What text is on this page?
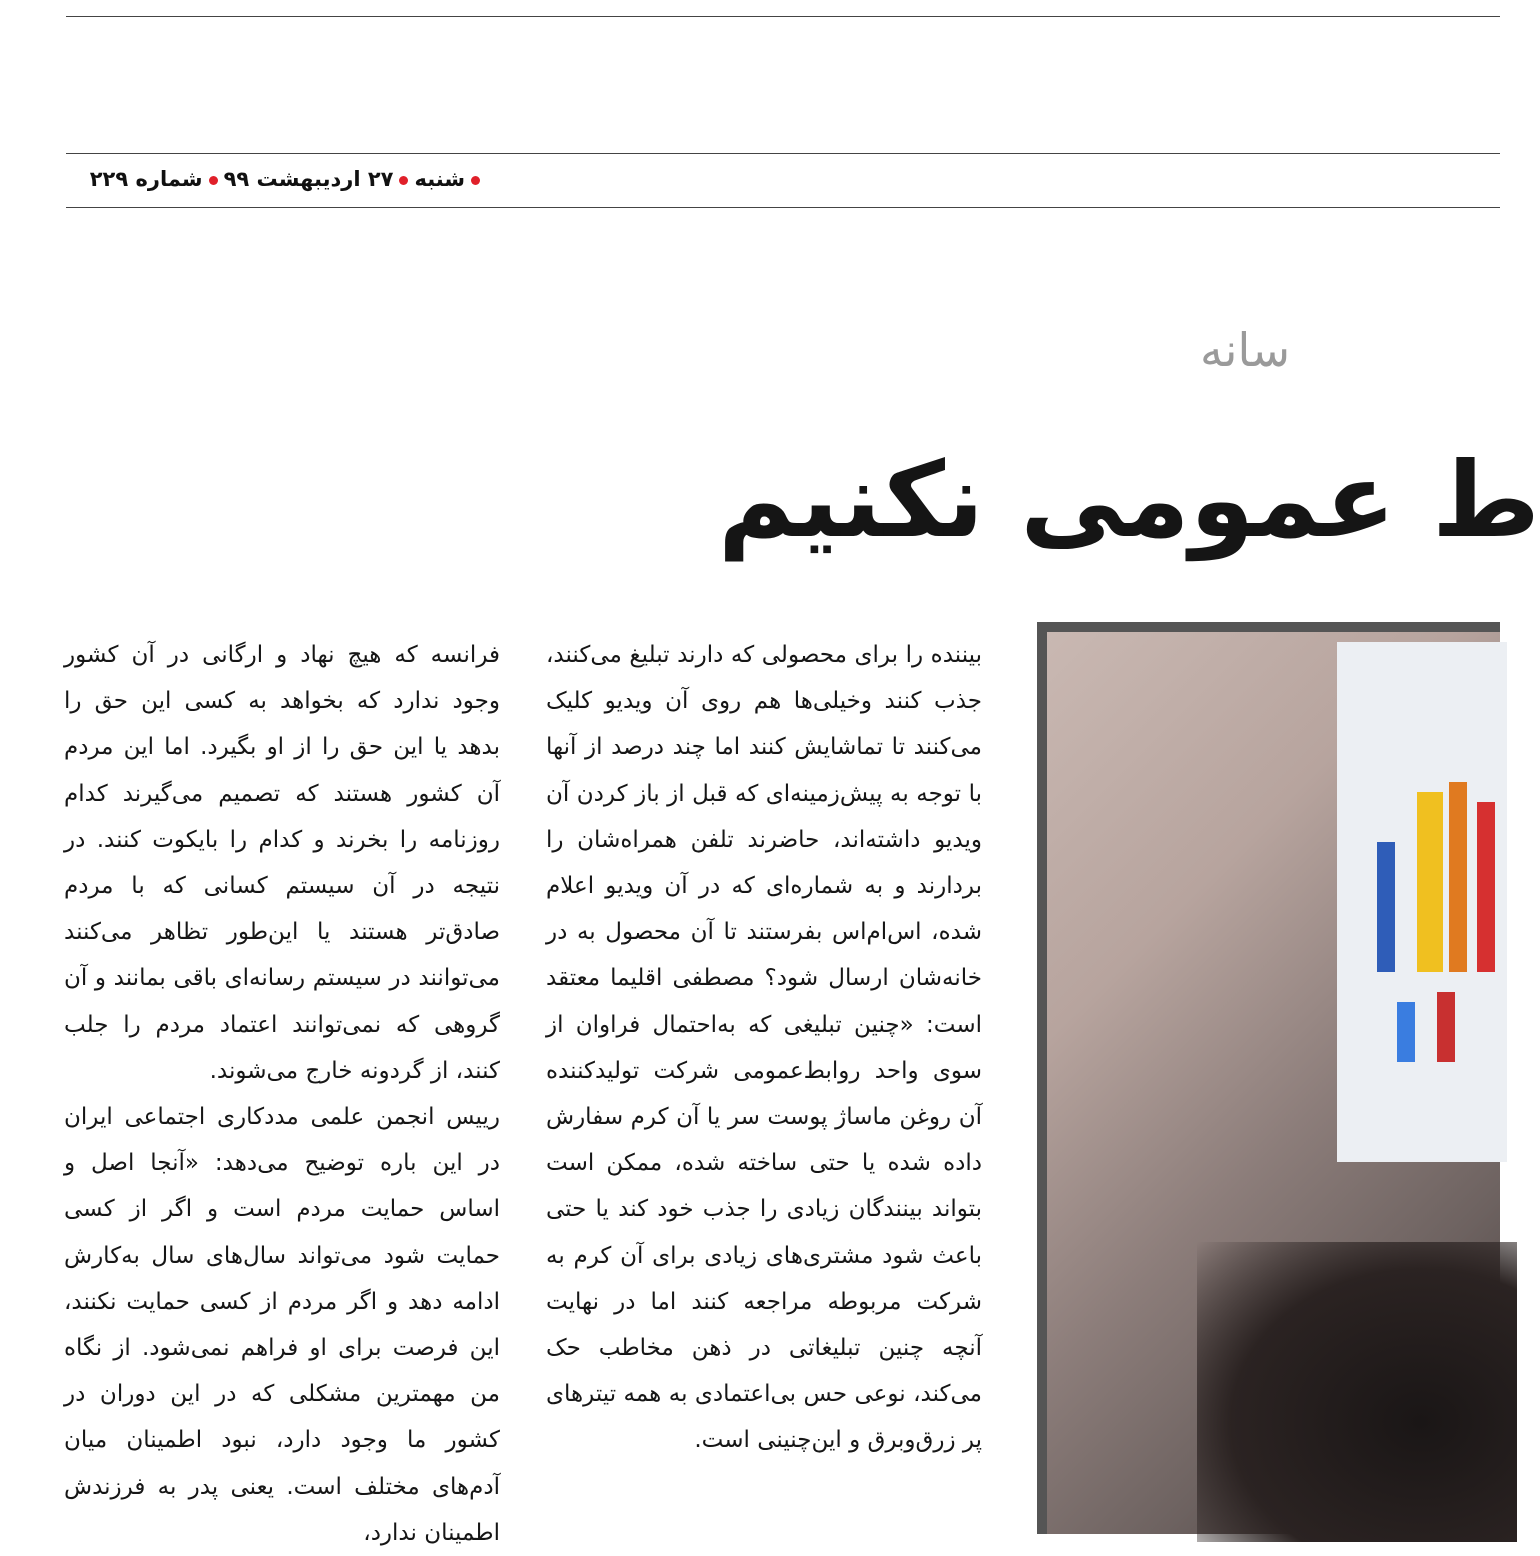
شنبه۲۷ اردیبهشت ۹۹شماره ۲۲۹
سانه
ط عمومی نکنیم

بیننده را برای محصولی که دارند تبلیغ می‌کنند، جذب کنند وخیلی‌ها هم روی آن ویدیو کلیک می‌کنند تا تماشایش کنند اما چند درصد از آنها با توجه به پیش‌زمینه‌ای که قبل از باز کردن آن ویدیو داشته‌اند، حاضرند تلفن همراه‌شان را بردارند و به شماره‌ای که در آن ویدیو اعلام شده، اس‌ام‌اس بفرستند تا آن محصول به در خانه‌شان ارسال شود؟ مصطفی اقلیما معتقد است: «چنین تبلیغی که به‌احتمال فراوان از سوی واحد روابط‌عمومی شرکت تولیدکننده آن روغن ماساژ پوست سر یا آن کرم سفارش داده شده یا حتی ساخته شده، ممکن است بتواند بینندگان زیادی را جذب خود کند یا حتی باعث شود مشتری‌های زیادی برای آن کرم به شرکت مربوطه مراجعه کنند اما در نهایت آنچه چنین تبلیغاتی در ذهن مخاطب حک می‌کند، نوعی حس بی‌اعتمادی به همه تیترهای پر زرق‌وبرق و این‌چنینی است.

فرانسه که هیچ نهاد و ارگانی در آن کشور وجود ندارد که بخواهد به کسی این حق را بدهد یا این حق را از او بگیرد. اما این مردم آن کشور هستند که تصمیم می‌گیرند کدام روزنامه را بخرند و کدام را بایکوت کنند. در نتیجه در آن سیستم کسانی که با مردم صادق‌تر هستند یا این‌طور تظاهر می‌کنند می‌توانند در سیستم رسانه‌ای باقی بمانند و آن گروهی که نمی‌توانند اعتماد مردم را جلب کنند، از گردونه خارج می‌شوند.

رییس انجمن علمی مددکاری اجتماعی ایران در این باره توضیح می‌دهد: «آنجا اصل و اساس حمایت مردم است و اگر از کسی حمایت شود می‌تواند سال‌های سال به‌کارش ادامه دهد و اگر مردم از کسی حمایت نکنند، این فرصت برای او فراهم نمی‌شود. از نگاه من مهمترین مشکلی که در این دوران در کشور ما وجود دارد، نبود اطمینان میان آدم‌های مختلف است. یعنی پدر به فرزندش اطمینان ندارد،
